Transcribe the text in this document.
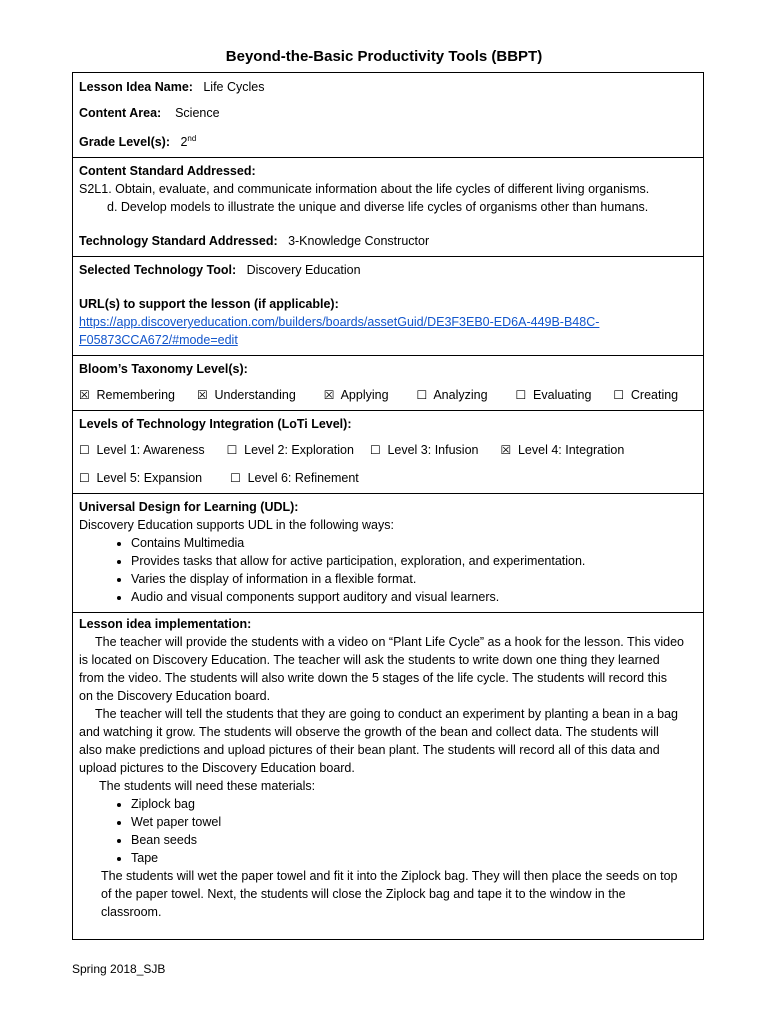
Beyond-the-Basic Productivity Tools (BBPT)
Lesson Idea Name: Life Cycles
Content Area: Science
Grade Level(s): 2nd
Content Standard Addressed:
S2L1. Obtain, evaluate, and communicate information about the life cycles of different living organisms.
d. Develop models to illustrate the unique and diverse life cycles of organisms other than humans.
Technology Standard Addressed: 3-Knowledge Constructor
Selected Technology Tool: Discovery Education
URL(s) to support the lesson (if applicable):
https://app.discoveryeducation.com/builders/boards/assetGuid/DE3F3EB0-ED6A-449B-B48C-
F05873CCA672/#mode=edit
Bloom’s Taxonomy Level(s):
☒ Remembering ☒ Understanding ☒ Applying ☐ Analyzing ☐ Evaluating ☐ Creating
Levels of Technology Integration (LoTi Level):
☐ Level 1: Awareness ☐ Level 2: Exploration ☐ Level 3: Infusion ☒ Level 4: Integration
☐ Level 5: Expansion ☐ Level 6: Refinement
Universal Design for Learning (UDL):
Discovery Education supports UDL in the following ways:
• Contains Multimedia
• Provides tasks that allow for active participation, exploration, and experimentation.
• Varies the display of information in a flexible format.
• Audio and visual components support auditory and visual learners.
Lesson idea implementation:
The teacher will provide the students with a video on “Plant Life Cycle” as a hook for the lesson. This video
is located on Discovery Education. The teacher will ask the students to write down one thing they learned
from the video. The students will also write down the 5 stages of the life cycle. The students will record this
on the Discovery Education board.
The teacher will tell the students that they are going to conduct an experiment by planting a bean in a bag
and watching it grow. The students will observe the growth of the bean and collect data. The students will
also make predictions and upload pictures of their bean plant. The students will record all of this data and
upload pictures to the Discovery Education board.
The students will need these materials:
• Ziplock bag
• Wet paper towel
• Bean seeds
• Tape
The students will wet the paper towel and fit it into the Ziplock bag. They will then place the seeds on top
of the paper towel. Next, the students will close the Ziplock bag and tape it to the window in the
classroom.
Spring 2018_SJB
